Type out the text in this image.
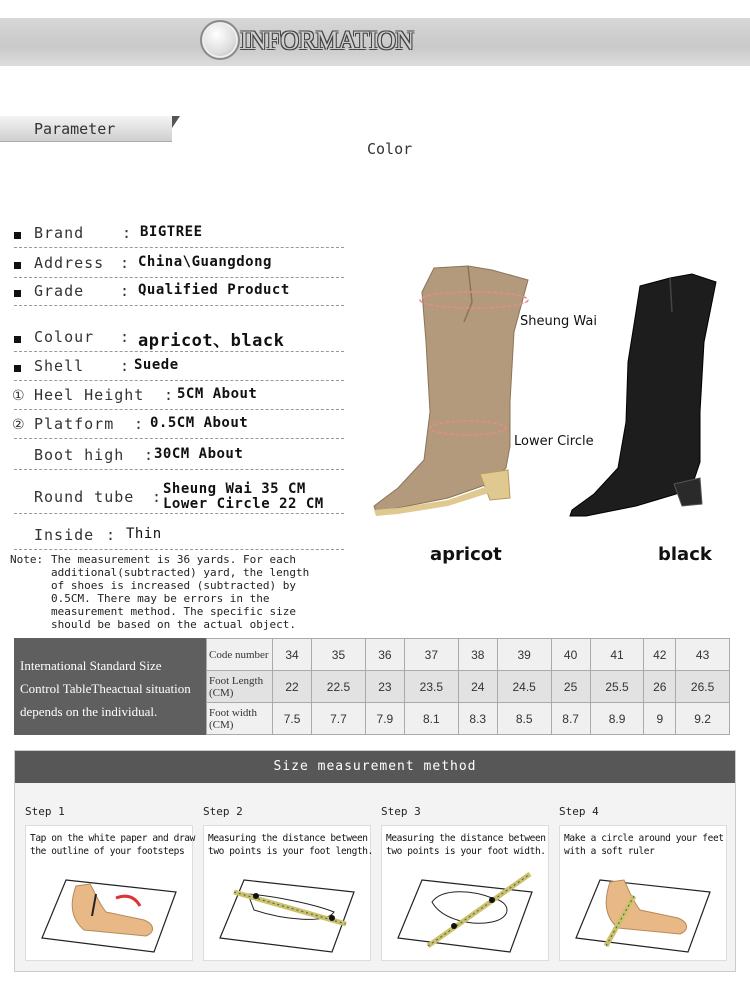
INFORMATION
Parameter
Color
Brand	: BIGTREE
Address : China\Guangdong
Grade : Qualified Product
Colour : apricot、black
Shell : Suede
① Heel Height : 5CM About
② Platform : 0.5CM About
Boot high : 30CM About
Round tube : Sheung Wai 35 CM
Lower Circle 22 CM
Inside : Thin
Note: The measurement is 36 yards. For each additional(subtracted) yard, the length of shoes is increased (subtracted) by 0.5CM. There may be errors in the measurement method. The specific size should be based on the actual object.
Sheung Wai
Lower Circle
apricot	black
International Standard Size
Control TableTheactual situation
depends on the individual.
Code number	34	35	36	37	38	39	40	41	42	43
Foot Length (CM)	22	22.5	23	23.5	24	24.5	25	25.5	26	26.5
Foot width (CM)	7.5	7.7	7.9	8.1	8.3	8.5	8.7	8.9	9	9.2
Size measurement method
Step 1
Tap on the white paper and draw the outline of your footsteps
Step 2
Measuring the distance between two points is your foot length.
Step 3
Measuring the distance between two points is your foot width.
Step 4
Make a circle around your feet with a soft ruler
